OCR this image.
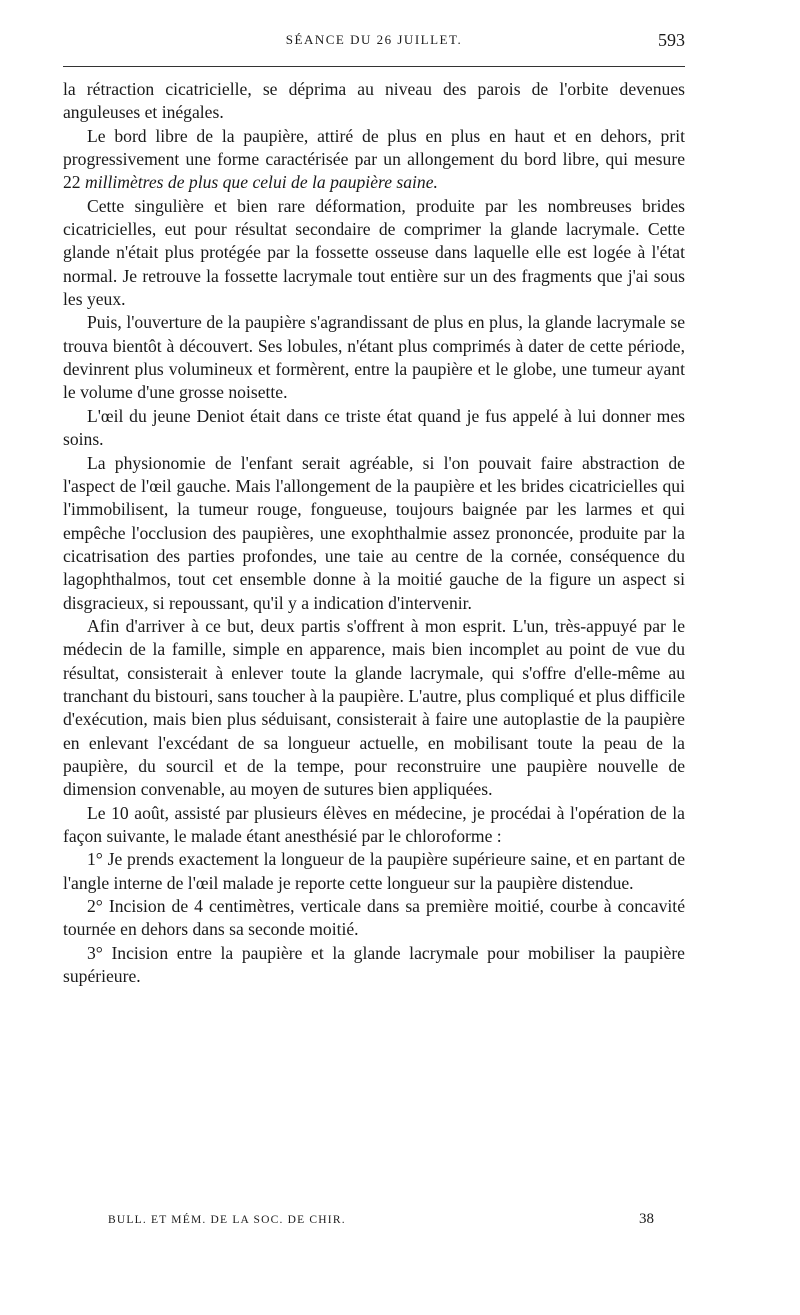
SÉANCE DU 26 JUILLET.	593

la rétraction cicatricielle, se déprima au niveau des parois de l'orbite devenues anguleuses et inégales.

Le bord libre de la paupière, attiré de plus en plus en haut et en dehors, prit progressivement une forme caractérisée par un allongement du bord libre, qui mesure 22 millimètres de plus que celui de la paupière saine.

Cette singulière et bien rare déformation, produite par les nombreuses brides cicatricielles, eut pour résultat secondaire de comprimer la glande lacrymale. Cette glande n'était plus protégée par la fossette osseuse dans laquelle elle est logée à l'état normal. Je retrouve la fossette lacrymale tout entière sur un des fragments que j'ai sous les yeux.

Puis, l'ouverture de la paupière s'agrandissant de plus en plus, la glande lacrymale se trouva bientôt à découvert. Ses lobules, n'étant plus comprimés à dater de cette période, devinrent plus volumineux et formèrent, entre la paupière et le globe, une tumeur ayant le volume d'une grosse noisette.

L'œil du jeune Deniot était dans ce triste état quand je fus appelé à lui donner mes soins.

La physionomie de l'enfant serait agréable, si l'on pouvait faire abstraction de l'aspect de l'œil gauche. Mais l'allongement de la paupière et les brides cicatricielles qui l'immobilisent, la tumeur rouge, fongueuse, toujours baignée par les larmes et qui empêche l'occlusion des paupières, une exophthalmie assez prononcée, produite par la cicatrisation des parties profondes, une taie au centre de la cornée, conséquence du lagophthalmos, tout cet ensemble donne à la moitié gauche de la figure un aspect si disgracieux, si repoussant, qu'il y a indication d'intervenir.

Afin d'arriver à ce but, deux partis s'offrent à mon esprit. L'un, très-appuyé par le médecin de la famille, simple en apparence, mais bien incomplet au point de vue du résultat, consisterait à enlever toute la glande lacrymale, qui s'offre d'elle-même au tranchant du bistouri, sans toucher à la paupière. L'autre, plus compliqué et plus difficile d'exécution, mais bien plus séduisant, consisterait à faire une autoplastie de la paupière en enlevant l'excédant de sa longueur actuelle, en mobilisant toute la peau de la paupière, du sourcil et de la tempe, pour reconstruire une paupière nouvelle de dimension convenable, au moyen de sutures bien appliquées.

Le 10 août, assisté par plusieurs élèves en médecine, je procédai à l'opération de la façon suivante, le malade étant anesthésié par le chloroforme :

1° Je prends exactement la longueur de la paupière supérieure saine, et en partant de l'angle interne de l'œil malade je reporte cette longueur sur la paupière distendue.

2° Incision de 4 centimètres, verticale dans sa première moitié, courbe à concavité tournée en dehors dans sa seconde moitié.

3° Incision entre la paupière et la glande lacrymale pour mobiliser la paupière supérieure.

BULL. ET MÉM. DE LA SOC. DE CHIR.	38
